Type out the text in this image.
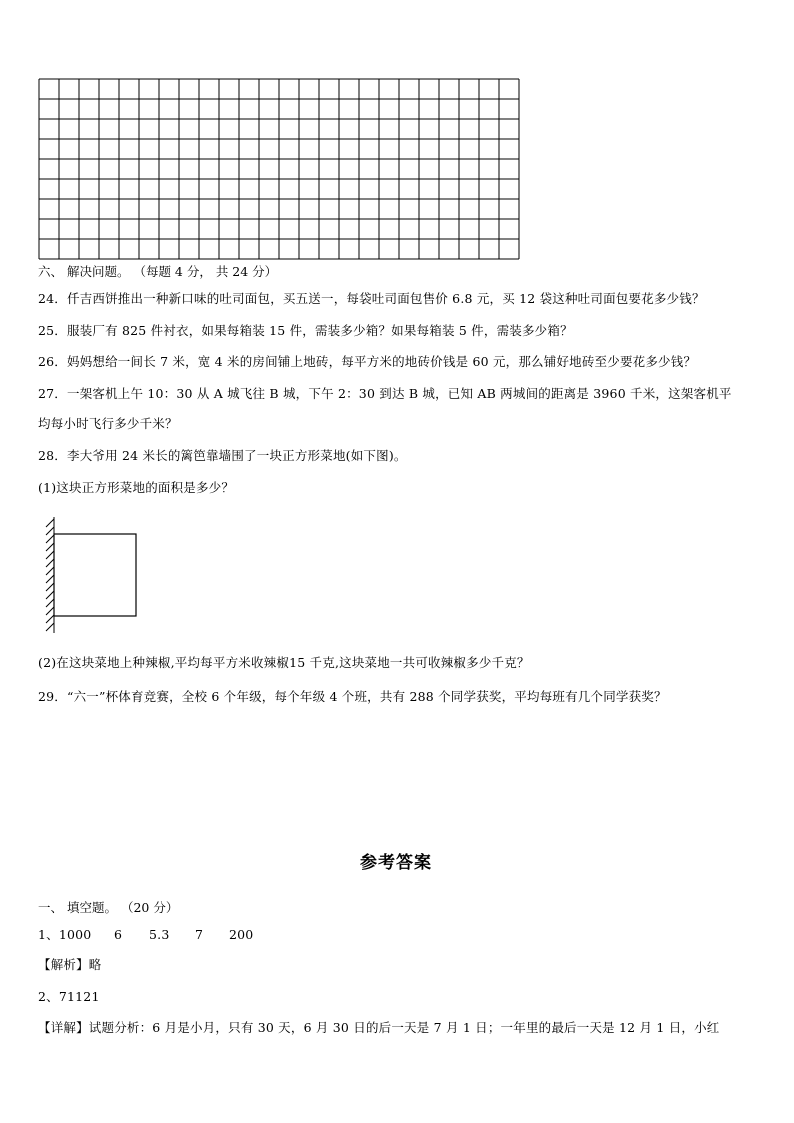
六、 解决问题。 （每题 4 分， 共 24 分）
24．仟吉西饼推出一种新口味的吐司面包，买五送一，每袋吐司面包售价 6.8 元，买 12 袋这种吐司面包要花多少钱？
25．服装厂有 825 件衬衣，如果每箱装 15 件，需装多少箱？如果每箱装 5 件，需装多少箱？
26．妈妈想给一间长 7 米，宽 4 米的房间铺上地砖，每平方米的地砖价钱是 60 元，那么铺好地砖至少要花多少钱？
27．一架客机上午 10：30 从 A 城飞往 B 城，下午 2：30 到达 B 城，已知 AB 两城间的距离是 3960 千米，这架客机平
均每小时飞行多少千米？
28．李大爷用 24 米长的篱笆靠墙围了一块正方形菜地(如下图)。
(1)这块正方形菜地的面积是多少？
(2)在这块菜地上种辣椒,平均每平方米收辣椒15 千克,这块菜地一共可收辣椒多少千克？
29．“六一”杯体育竞赛，全校 6 个年级，每个年级 4 个班，共有 288 个同学获奖，平均每班有几个同学获奖？
参考答案
一、 填空题。 （20 分）
1、1000 6 5.3 7 200
【解析】略
2、71121
【详解】试题分析：6 月是小月，只有 30 天，6 月 30 日的后一天是 7 月 1 日；一年里的最后一天是 12 月 1 日，小红
